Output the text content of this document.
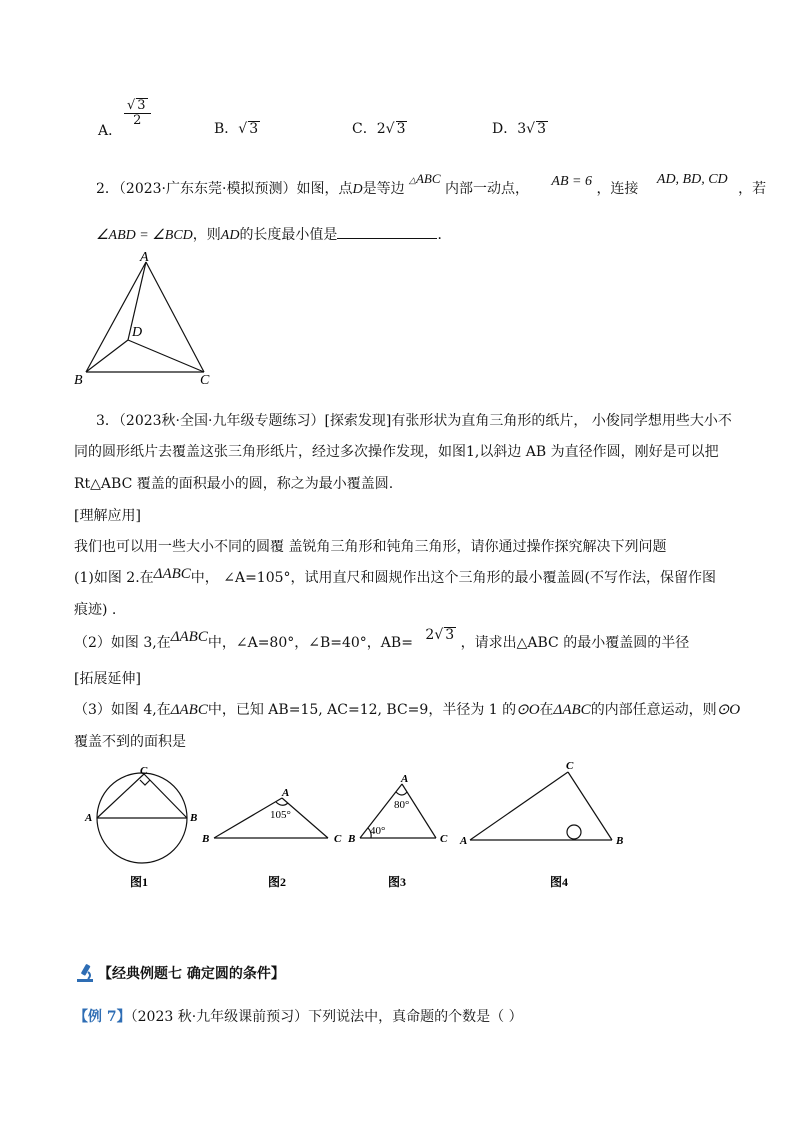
A．
$\frac{√ 3}{2}$
B．√ 3	C．2√ 3	D．3√ 3
2．（2023·广东东莞·模拟预测）如图，点D是等边 △ABC 内部一动点， AB = 6 ，连接 AD, BD, CD ，若
∠ABD = ∠BCD，则AD的长度最小值是	．
A
B	C
D
3．（2023秋·全国·九年级专题练习）[探索发现]有张形状为直角三角形的纸片， 小俊同学想用些大小不
同的圆形纸片去覆盖这张三角形纸片，经过多次操作发现，如图1,以斜边 AB 为直径作圆，刚好是可以把
Rt△ABC 覆盖的面积最小的圆，称之为最小覆盖圆.
[理解应用]
我们也可以用一些大小不同的圆覆 盖锐角三角形和钝角三角形，请你通过操作探究解决下列问题
(1)如图 2.在ΔABC中， ∠A=105°，试用直尺和圆规作出这个三角形的最小覆盖圆(不写作法，保留作图
痕迹) .
（2）如图 3,在ΔABC中，∠A=80°，∠B=40°，AB= 2√ 3 ，请求出△ABC 的最小覆盖圆的半径
[拓展延伸]
（3）如图 4,在ΔABC中，已知 AB=15, AC=12, BC=9，半径为 1 的⊙O在ΔABC的内部任意运动，则⊙O
覆盖不到的面积是
C
A	B
图1
A
B	C
105°
图2
A
B	C
80°
40°
图3
C
A	B
图4
【经典例题七 确定圆的条件】
【例 7】（2023 秋·九年级课前预习）下列说法中，真命题的个数是（ ）
